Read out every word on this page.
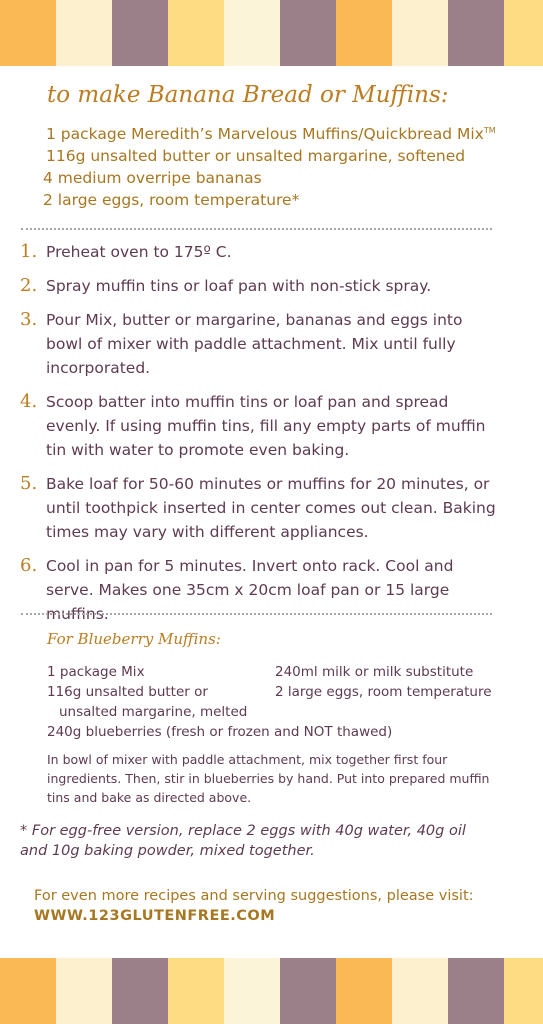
to make Banana Bread or Muffins:
1 package Meredith’s Marvelous Muffins/Quickbread Mix™
116g unsalted butter or unsalted margarine, softened
4 medium overripe bananas
2 large eggs, room temperature*
1. Preheat oven to 175º C.
2. Spray muffin tins or loaf pan with non-stick spray.
3. Pour Mix, butter or margarine, bananas and eggs into bowl of mixer with paddle attachment. Mix until fully incorporated.
4. Scoop batter into muffin tins or loaf pan and spread evenly. If using muffin tins, fill any empty parts of muffin tin with water to promote even baking.
5. Bake loaf for 50-60 minutes or muffins for 20 minutes, or until toothpick inserted in center comes out clean. Baking times may vary with different appliances.
6. Cool in pan for 5 minutes. Invert onto rack. Cool and serve. Makes one 35cm x 20cm loaf pan or 15 large muffins.
For Blueberry Muffins:
1 package Mix
116g unsalted butter or
unsalted margarine, melted
240ml milk or milk substitute
2 large eggs, room temperature
240g blueberries (fresh or frozen and NOT thawed)

In bowl of mixer with paddle attachment, mix together first four ingredients. Then, stir in blueberries by hand. Put into prepared muffin tins and bake as directed above.

* For egg-free version, replace 2 eggs with 40g water, 40g oil and 10g baking powder, mixed together.

For even more recipes and serving suggestions, please visit:

WWW.123GLUTENFREE.COM
